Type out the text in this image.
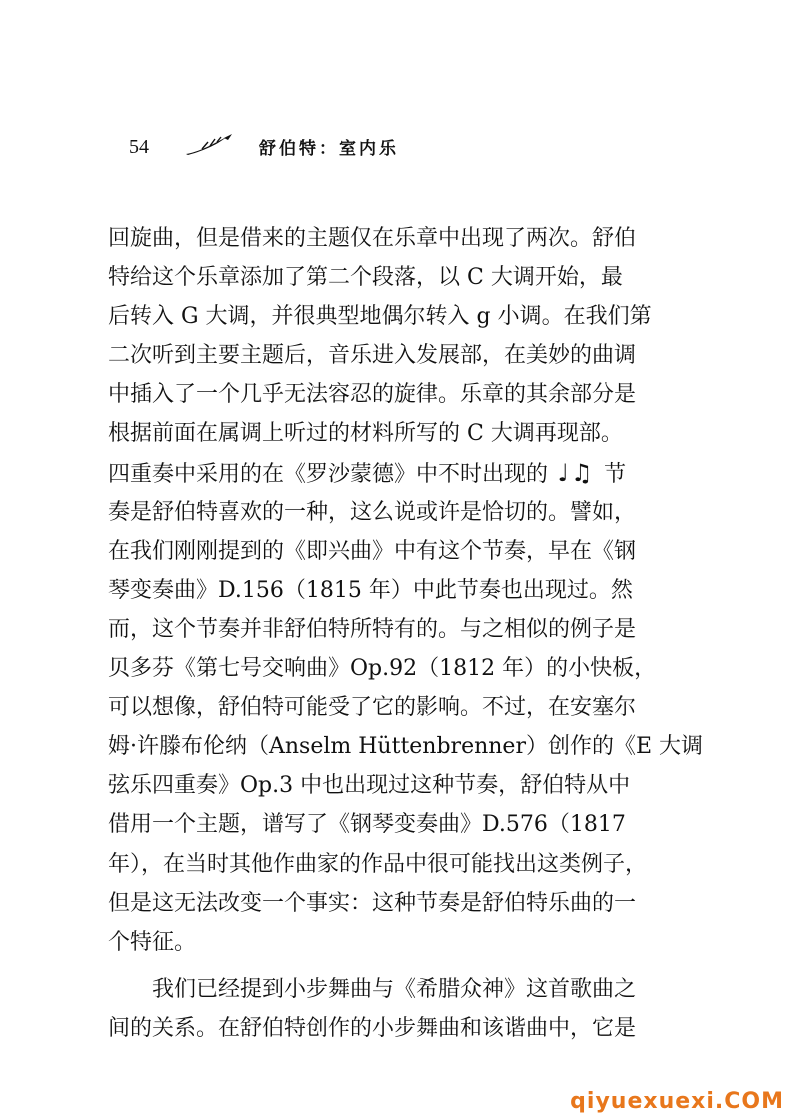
54	舒伯特：室内乐
回旋曲，但是借来的主题仅在乐章中出现了两次。舒伯
特给这个乐章添加了第二个段落，以 C 大调开始，最
后转入 G 大调，并很典型地偶尔转入 g 小调。在我们第
二次听到主要主题后，音乐进入发展部，在美妙的曲调
中插入了一个几乎无法容忍的旋律。乐章的其余部分是
根据前面在属调上听过的材料所写的 C 大调再现部。
四重奏中采用的在《罗沙蒙德》中不时出现的 ♩♫ 节
奏是舒伯特喜欢的一种，这么说或许是恰切的。譬如，
在我们刚刚提到的《即兴曲》中有这个节奏，早在《钢
琴变奏曲》D.156（1815 年）中此节奏也出现过。然
而，这个节奏并非舒伯特所特有的。与之相似的例子是
贝多芬《第七号交响曲》Op.92（1812 年）的小快板，
可以想像，舒伯特可能受了它的影响。不过，在安塞尔
姆·许滕布伦纳（Anselm Hüttenbrenner）创作的《E 大调
弦乐四重奏》Op.3 中也出现过这种节奏，舒伯特从中
借用一个主题，谱写了《钢琴变奏曲》D.576（1817
年），在当时其他作曲家的作品中很可能找出这类例子，
但是这无法改变一个事实：这种节奏是舒伯特乐曲的一
个特征。
我们已经提到小步舞曲与《希腊众神》这首歌曲之
间的关系。在舒伯特创作的小步舞曲和该谐曲中，它是
qiyuexuexi.COM
